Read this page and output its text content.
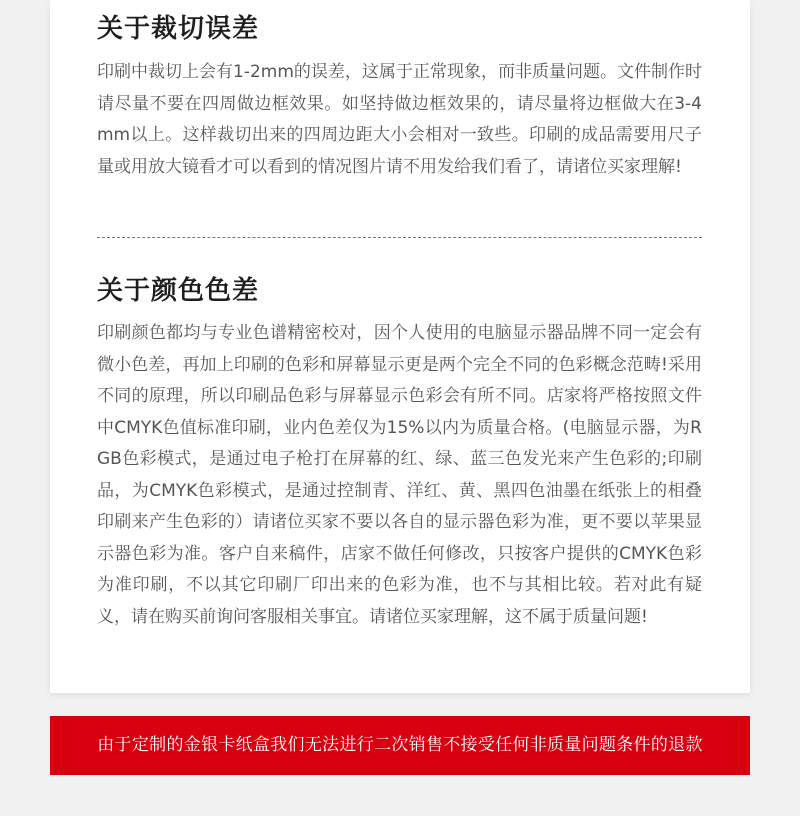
关于裁切误差

印刷中裁切上会有1-2mm的误差，这属于正常现象，而非质量问题。文件制作时请尽量不要在四周做边框效果。如坚持做边框效果的，请尽量将边框做大在3-4mm以上。这样裁切出来的四周边距大小会相对一致些。印刷的成品需要用尺子量或用放大镜看才可以看到的情况图片请不用发给我们看了，请诸位买家理解!

关于颜色色差

印刷颜色都均与专业色谱精密校对，因个人使用的电脑显示器品牌不同一定会有微小色差，再加上印刷的色彩和屏幕显示更是两个完全不同的色彩概念范畴!采用不同的原理，所以印刷品色彩与屏幕显示色彩会有所不同。店家将严格按照文件中CMYK色值标准印刷，业内色差仅为15%以内为质量合格。(电脑显示器，为RGB色彩模式，是通过电子枪打在屏幕的红、绿、蓝三色发光来产生色彩的;印刷品，为CMYK色彩模式，是通过控制青、洋红、黄、黑四色油墨在纸张上的相叠印刷来产生色彩的）请诸位买家不要以各自的显示器色彩为准，更不要以苹果显示器色彩为准。客户自来稿件，店家不做任何修改，只按客户提供的CMYK色彩为准印刷，不以其它印刷厂印出来的色彩为准，也不与其相比较。若对此有疑义，请在购买前询问客服相关事宜。请诸位买家理解，这不属于质量问题!

由于定制的金银卡纸盒我们无法进行二次销售不接受任何非质量问题条件的退款
